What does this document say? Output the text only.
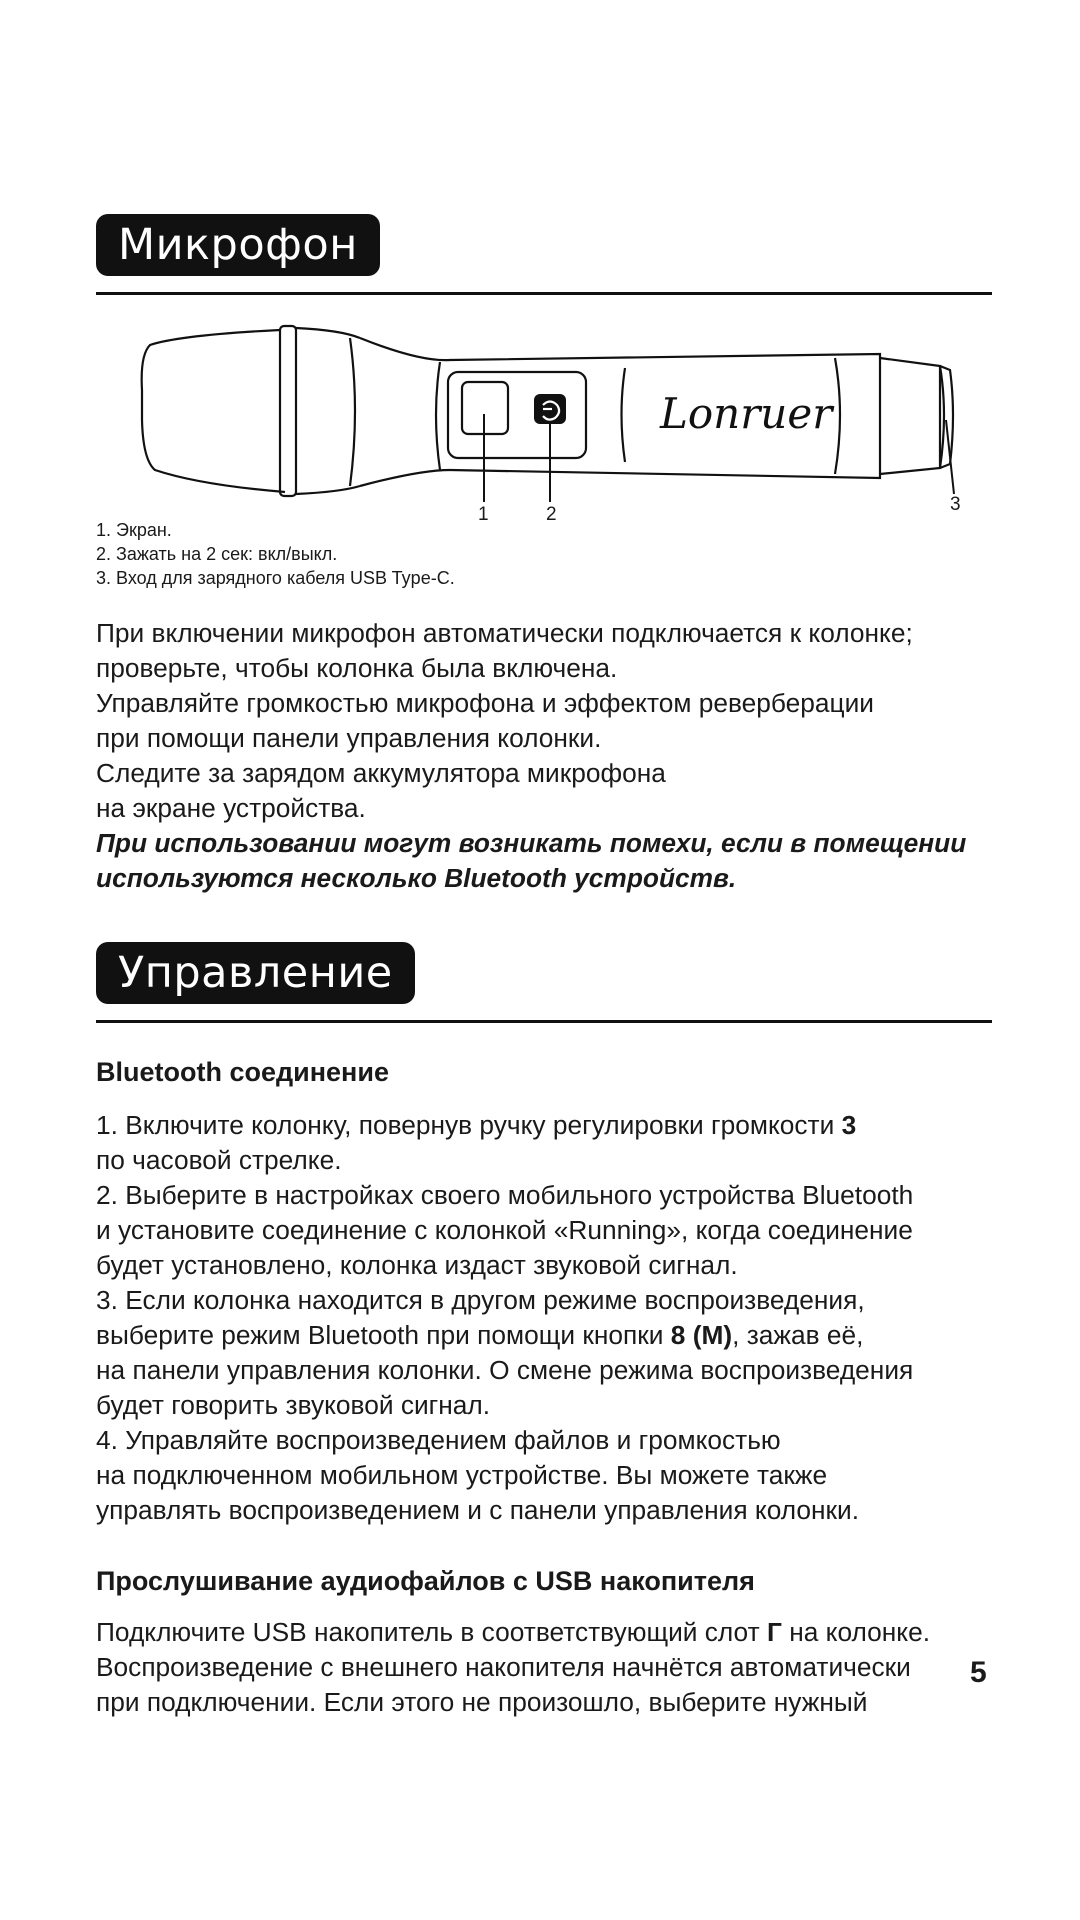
Микрофон
Lonruer
1	2	3
1. Экран.
2. Зажать на 2 сек: вкл/выкл.
3. Вход для зарядного кабеля USB Type-C.
При включении микрофон автоматически подключается к колонке;
проверьте, чтобы колонка была включена.
Управляйте громкостью микрофона и эффектом реверберации
при помощи панели управления колонки.
Следите за зарядом аккумулятора микрофона
на экране устройства.
При использовании могут возникать помехи, если в помещении
используются несколько Bluetooth устройств.
Управление
Bluetooth соединение
1. Включите колонку, повернув ручку регулировки громкости 3
по часовой стрелке.
2. Выберите в настройках своего мобильного устройства Bluetooth
и установите соединение с колонкой «Running», когда соединение
будет установлено, колонка издаст звуковой сигнал.
3. Если колонка находится в другом режиме воспроизведения,
выберите режим Bluetooth при помощи кнопки 8 (М), зажав её,
на панели управления колонки. О смене режима воспроизведения
будет говорить звуковой сигнал.
4. Управляйте воспроизведением файлов и громкостью
на подключенном мобильном устройстве. Вы можете также
управлять воспроизведением и с панели управления колонки.
Прослушивание аудиофайлов с USB накопителя
Подключите USB накопитель в соответствующий слот Г на колонке.
Воспроизведение с внешнего накопителя начнётся автоматически
при подключении. Если этого не произошло, выберите нужный
5
